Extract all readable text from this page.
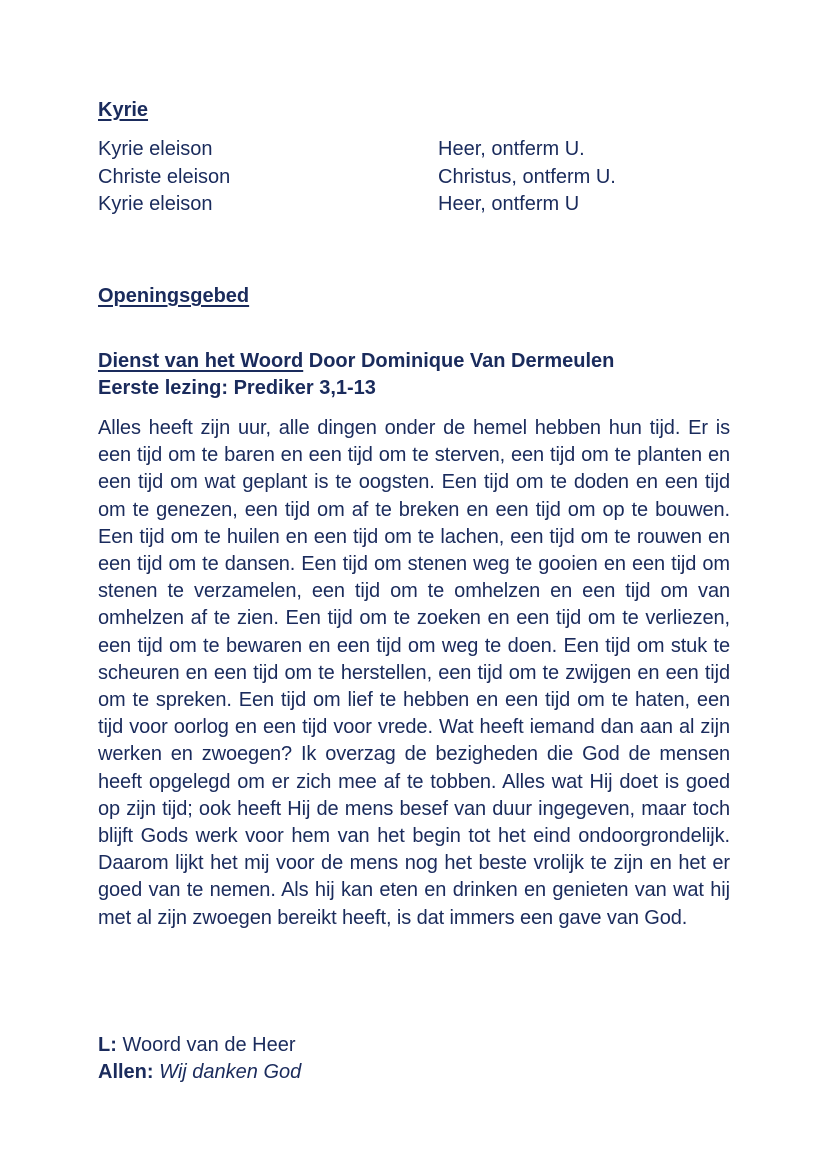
Kyrie
Kyrie eleison	Heer, ontferm U.
Christe eleison	Christus, ontferm U.
Kyrie eleison	Heer, ontferm U
Openingsgebed
Dienst van het Woord Door Dominique Van Dermeulen
Eerste lezing: Prediker 3,1-13

Alles heeft zijn uur, alle dingen onder de hemel hebben hun tijd. Er is een tijd om te baren en een tijd om te sterven, een tijd om te planten en een tijd om wat geplant is te oogsten. Een tijd om te doden en een tijd om te genezen, een tijd om af te breken en een tijd om op te bouwen. Een tijd om te huilen en een tijd om te lachen, een tijd om te rouwen en een tijd om te dansen. Een tijd om stenen weg te gooien en een tijd om stenen te verzamelen, een tijd om te omhelzen en een tijd om van omhelzen af te zien. Een tijd om te zoeken en een tijd om te verliezen, een tijd om te bewaren en een tijd om weg te doen. Een tijd om stuk te scheuren en een tijd om te herstellen, een tijd om te zwijgen en een tijd om te spreken. Een tijd om lief te hebben en een tijd om te haten, een tijd voor oorlog en een tijd voor vrede. Wat heeft iemand dan aan al zijn werken en zwoegen? Ik overzag de bezigheden die God de mensen heeft opgelegd om er zich mee af te tobben. Alles wat Hij doet is goed op zijn tijd; ook heeft Hij de mens besef van duur ingegeven, maar toch blijft Gods werk voor hem van het begin tot het eind ondoorgrondelijk. Daarom lijkt het mij voor de mens nog het beste vrolijk te zijn en het er goed van te nemen. Als hij kan eten en drinken en genieten van wat hij met al zijn zwoegen bereikt heeft, is dat immers een gave van God.

L: Woord van de Heer
Allen: Wij danken God
